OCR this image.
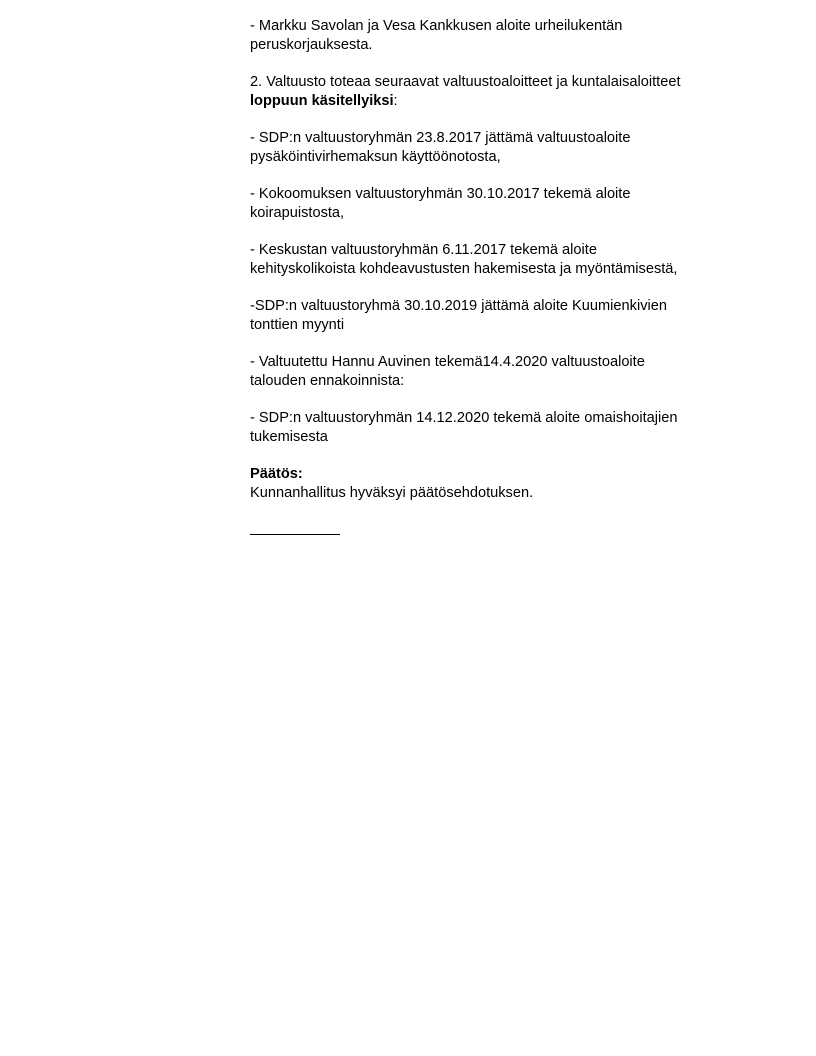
- Markku Savolan ja Vesa Kankkusen aloite urheilukentän
peruskorjauksesta.

2. Valtuusto toteaa seuraavat valtuustoaloitteet ja kuntalaisaloitteet
loppuun käsitellyiksi:

- SDP:n valtuustoryhmän 23.8.2017 jättämä valtuustoaloite
pysäköintivirhemaksun käyttöönotosta,

- Kokoomuksen valtuustoryhmän 30.10.2017 tekemä aloite
koirapuistosta,

- Keskustan valtuustoryhmän 6.11.2017 tekemä aloite
kehityskolikoista kohdeavustusten hakemisesta ja myöntämisestä,

-SDP:n valtuustoryhmä 30.10.2019 jättämä aloite Kuumienkivien
tonttien myynti

- Valtuutettu Hannu Auvinen tekemä14.4.2020 valtuustoaloite
talouden ennakoinnista:

- SDP:n valtuustoryhmän 14.12.2020 tekemä aloite omaishoitajien
tukemisesta

Päätös:
Kunnanhallitus hyväksyi päätösehdotuksen.
